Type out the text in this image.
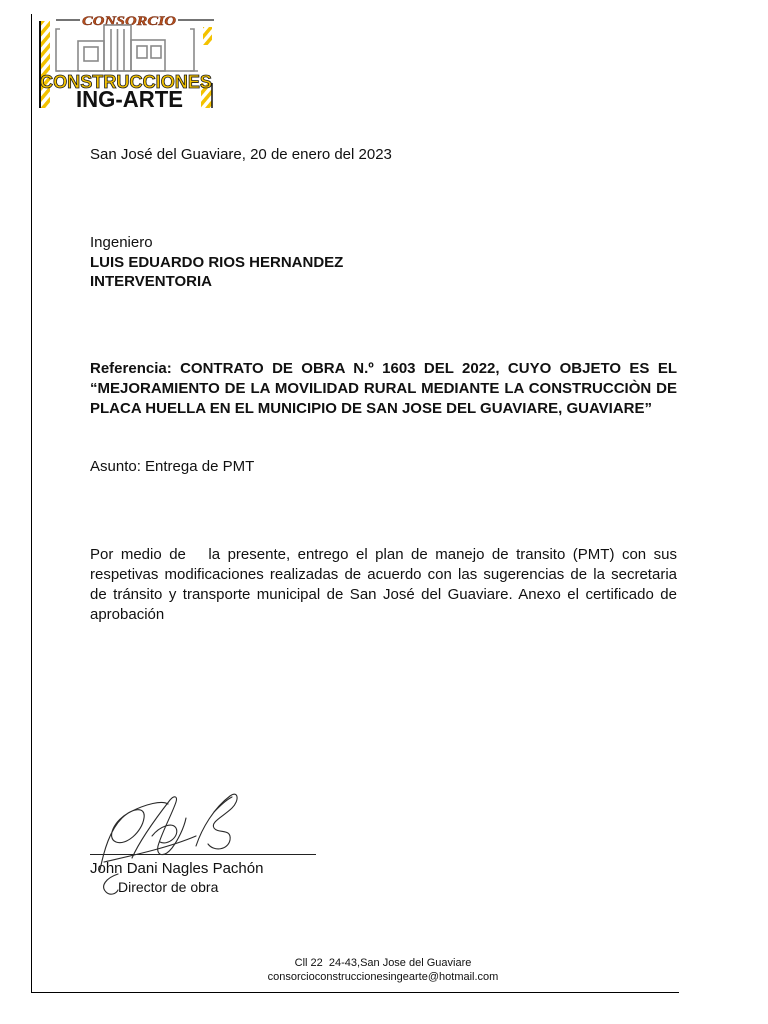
CONSORCIO
CONSTRUCCIONES
ING-ARTE
San José del Guaviare, 20 de enero del 2023
Ingeniero
LUIS EDUARDO RIOS HERNANDEZ
INTERVENTORIA
Referencia: CONTRATO DE OBRA N.º 1603 DEL 2022, CUYO OBJETO ES EL
“MEJORAMIENTO DE LA MOVILIDAD RURAL MEDIANTE LA CONSTRUCCIÒN DE
PLACA HUELLA EN EL MUNICIPIO DE SAN JOSE DEL GUAVIARE, GUAVIARE”
Asunto: Entrega de PMT
Por medio de   la presente, entrego el plan de manejo de transito (PMT) con sus
respetivas modificaciones realizadas de acuerdo con las sugerencias de la secretaria
de tránsito y transporte municipal de San José del Guaviare. Anexo el certificado de
aprobación
John Dani Nagles Pachón
Director de obra
Cll 22  24-43,San Jose del Guaviare
consorcioconstruccionesingearte@hotmail.com
